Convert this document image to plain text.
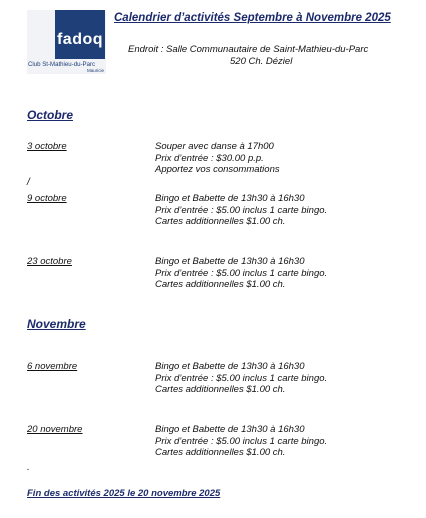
fadoq
Club St-Mathieu-du-Parc
Mauricie
Calendrier d’activités Septembre à Novembre 2025
Endroit : Salle Communautaire de Saint-Mathieu-du-Parc
520 Ch. Déziel
Octobre
3 octobre	Souper avec danse à 17h00
Prix d’entrée : $30.00 p.p.
Apportez vos consommations
/
9 octobre	Bingo et Babette de 13h30 à 16h30
Prix d’entrée : $5.00 inclus 1 carte bingo.
Cartes additionnelles $1.00 ch.
23 octobre	Bingo et Babette de 13h30 à 16h30
Prix d’entrée : $5.00 inclus 1 carte bingo.
Cartes additionnelles $1.00 ch.
Novembre
6 novembre	Bingo et Babette de 13h30 à 16h30
Prix d’entrée : $5.00 inclus 1 carte bingo.
Cartes additionnelles $1.00 ch.
20 novembre	Bingo et Babette de 13h30 à 16h30
Prix d’entrée : $5.00 inclus 1 carte bingo.
Cartes additionnelles $1.00 ch.
.
Fin des activités 2025 le 20 novembre 2025
